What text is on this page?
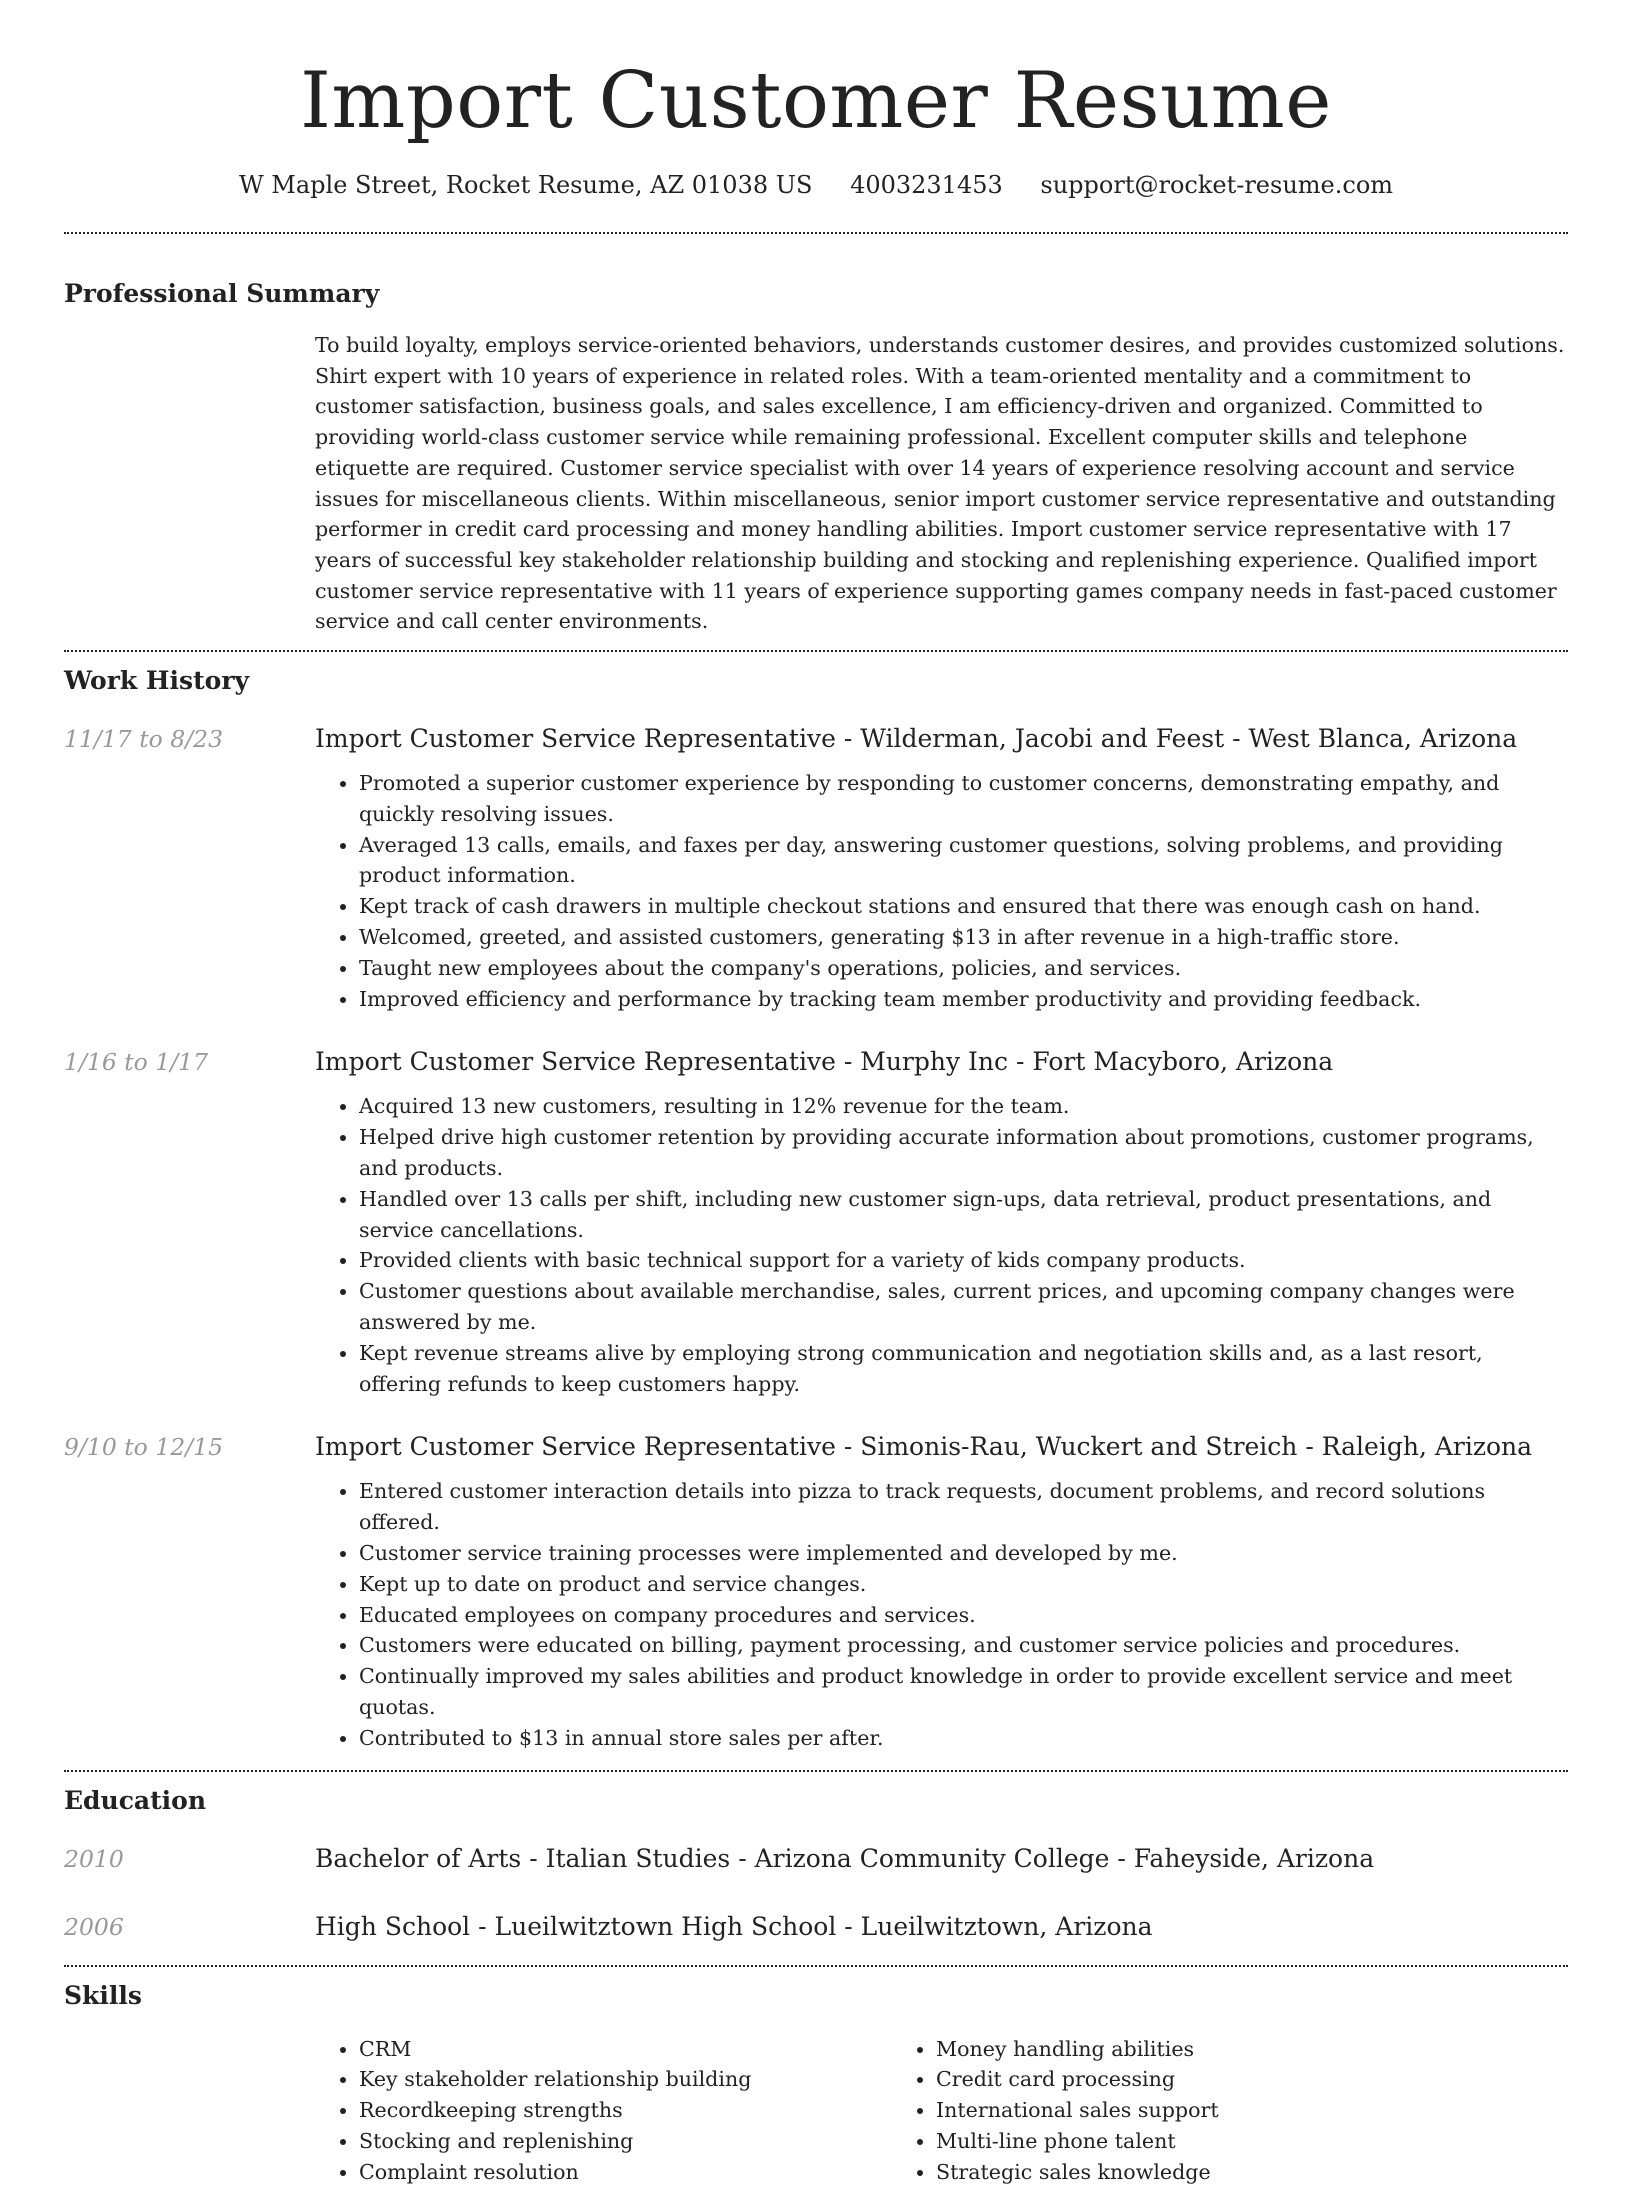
Import Customer Resume
W Maple Street, Rocket Resume, AZ 01038 US 4003231453 support@rocket-resume.com
Professional Summary
To build loyalty, employs service-oriented behaviors, understands customer desires, and provides customized solutions. Shirt expert with 10 years of experience in related roles. With a team-oriented mentality and a commitment to customer satisfaction, business goals, and sales excellence, I am efficiency-driven and organized. Committed to providing world-class customer service while remaining professional. Excellent computer skills and telephone etiquette are required. Customer service specialist with over 14 years of experience resolving account and service issues for miscellaneous clients. Within miscellaneous, senior import customer service representative and outstanding performer in credit card processing and money handling abilities. Import customer service representative with 17 years of successful key stakeholder relationship building and stocking and replenishing experience. Qualified import customer service representative with 11 years of experience supporting games company needs in fast-paced customer service and call center environments.
Work History
11/17 to 8/23	Import Customer Service Representative - Wilderman, Jacobi and Feest - West Blanca, Arizona
• Promoted a superior customer experience by responding to customer concerns, demonstrating empathy, and quickly resolving issues.
• Averaged 13 calls, emails, and faxes per day, answering customer questions, solving problems, and providing product information.
• Kept track of cash drawers in multiple checkout stations and ensured that there was enough cash on hand.
• Welcomed, greeted, and assisted customers, generating $13 in after revenue in a high-traffic store.
• Taught new employees about the company's operations, policies, and services.
• Improved efficiency and performance by tracking team member productivity and providing feedback.
1/16 to 1/17	Import Customer Service Representative - Murphy Inc - Fort Macyboro, Arizona
• Acquired 13 new customers, resulting in 12% revenue for the team.
• Helped drive high customer retention by providing accurate information about promotions, customer programs, and products.
• Handled over 13 calls per shift, including new customer sign-ups, data retrieval, product presentations, and service cancellations.
• Provided clients with basic technical support for a variety of kids company products.
• Customer questions about available merchandise, sales, current prices, and upcoming company changes were answered by me.
• Kept revenue streams alive by employing strong communication and negotiation skills and, as a last resort, offering refunds to keep customers happy.
9/10 to 12/15	Import Customer Service Representative - Simonis-Rau, Wuckert and Streich - Raleigh, Arizona
• Entered customer interaction details into pizza to track requests, document problems, and record solutions offered.
• Customer service training processes were implemented and developed by me.
• Kept up to date on product and service changes.
• Educated employees on company procedures and services.
• Customers were educated on billing, payment processing, and customer service policies and procedures.
• Continually improved my sales abilities and product knowledge in order to provide excellent service and meet quotas.
• Contributed to $13 in annual store sales per after.
Education
2010	Bachelor of Arts - Italian Studies - Arizona Community College - Faheyside, Arizona
2006	High School - Lueilwitztown High School - Lueilwitztown, Arizona
Skills
• CRM
• Key stakeholder relationship building
• Recordkeeping strengths
• Stocking and replenishing
• Complaint resolution
• Money handling abilities
• Credit card processing
• International sales support
• Multi-line phone talent
• Strategic sales knowledge
